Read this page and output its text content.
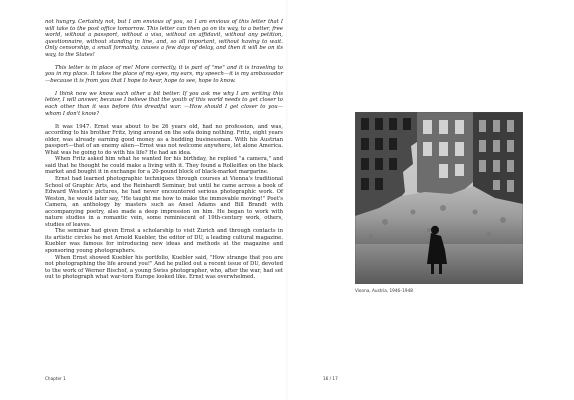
not hungry. Certainly not, but I am envious of you, so I am envious of this letter that I will take to the post office tomorrow. This letter can then go on its way, to a better, free world, without a passport, without a visa, without an affidavit, without any petition, questionnaire, without standing in line, and, so all important, without having to wait. Only censorship, a small formality, causes a few days of delay, and then it will be on its way, to the States!

This letter is in place of me! More correctly, it is part of "me" and it is traveling to you in my place. It takes the place of my eyes, my ears, my speech—it is my ambassador—because it is from you that I hope to hear, hope to see, hope to know.

I think now we know each other a bit better. If you ask me why I am writing this letter, I will answer, because I believe that the youth of this world needs to get closer to each other than it was before this dreadful war. —How should I get closer to you—whom I don't know?

It was 1947. Ernst was about to be 26 years old, had no profession, and was, according to his brother Fritz, lying around on the sofa doing nothing. Fritz, eight years older, was already earning good money as a budding businessman. With his Austrian passport—that of an enemy alien—Ernst was not welcome anywhere, let alone America. What was he going to do with his life? He had an idea.

When Fritz asked him what he wanted for his birthday, he replied "a camera," and said that he thought he could make a living with it. They found a Rolleiflex on the black market and bought it in exchange for a 20-pound block of black-market margarine.

Ernst had learned photographic techniques through courses at Vienna's traditional School of Graphic Arts, and the Reinhardt Seminar, but until he came across a book of Edward Weston's pictures, he had never encountered serious photographic work. Of Weston, he would later say, "He taught me how to make the immovable moving!" Poet's Camera, an anthology by masters such as Ansel Adams and Bill Brandt with accompanying poetry, also made a deep impression on him. He began to work with nature studies in a romantic vein, some reminiscent of 19th-century work, others, studies of leaves.

The seminar had given Ernst a scholarship to visit Zurich and through contacts in its artistic circles he met Arnold Kuebler, the editor of DU, a leading cultural magazine. Kuebler was famous for introducing new ideas and methods at the magazine and sponsoring young photographers.

When Ernst showed Kuebler his portfolio, Kuebler said, "How strange that you are not photographing the life around you!" And he pulled out a recent issue of DU, devoted to the work of Werner Bischof, a young Swiss photographer, who, after the war, had set out to photograph what war-torn Europe looked like. Ernst was overwhelmed.

Chapter 1
Vienna, Austria, 1946–1948
16 / 17
